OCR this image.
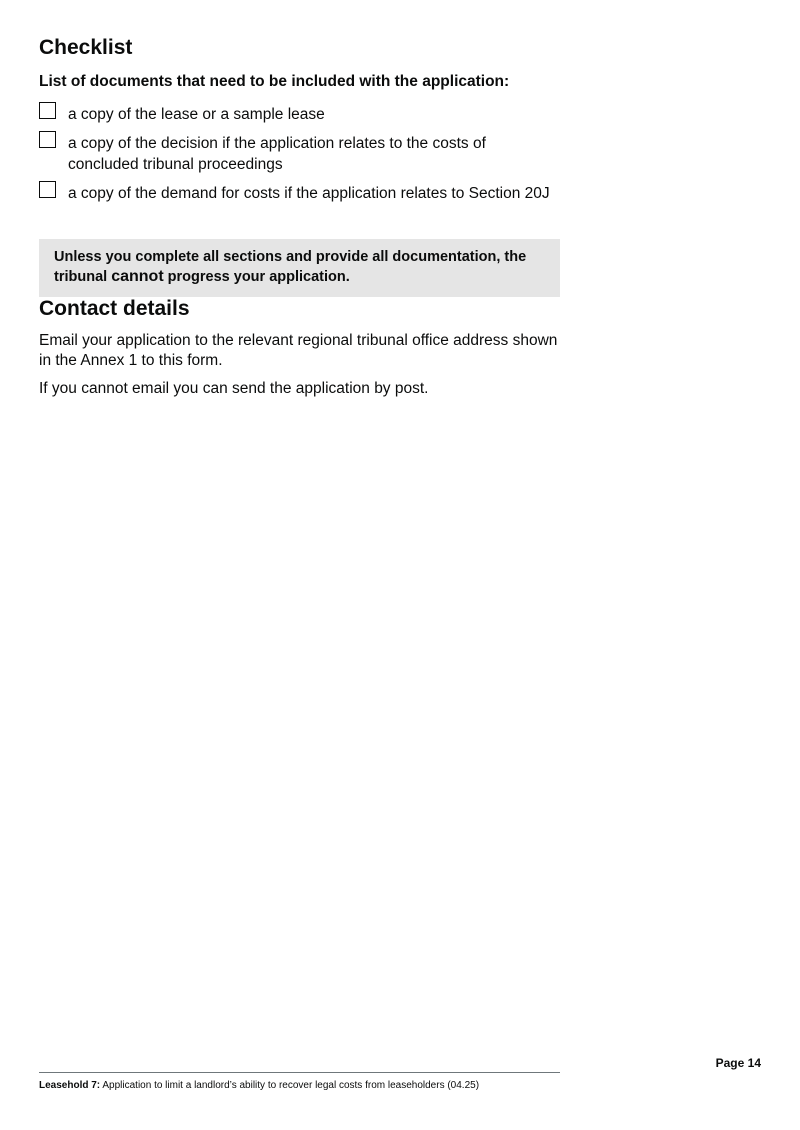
Checklist

List of documents that need to be included with the application:

a copy of the lease or a sample lease
a copy of the decision if the application relates to the costs of concluded tribunal proceedings
a copy of the demand for costs if the application relates to Section 20J
Unless you complete all sections and provide all documentation, the tribunal cannot progress your application.
Contact details

Email your application to the relevant regional tribunal office address shown in the Annex 1 to this form.

If you cannot email you can send the application by post.

Page 14
Leasehold 7: Application to limit a landlord’s ability to recover legal costs from leaseholders (04.25)
